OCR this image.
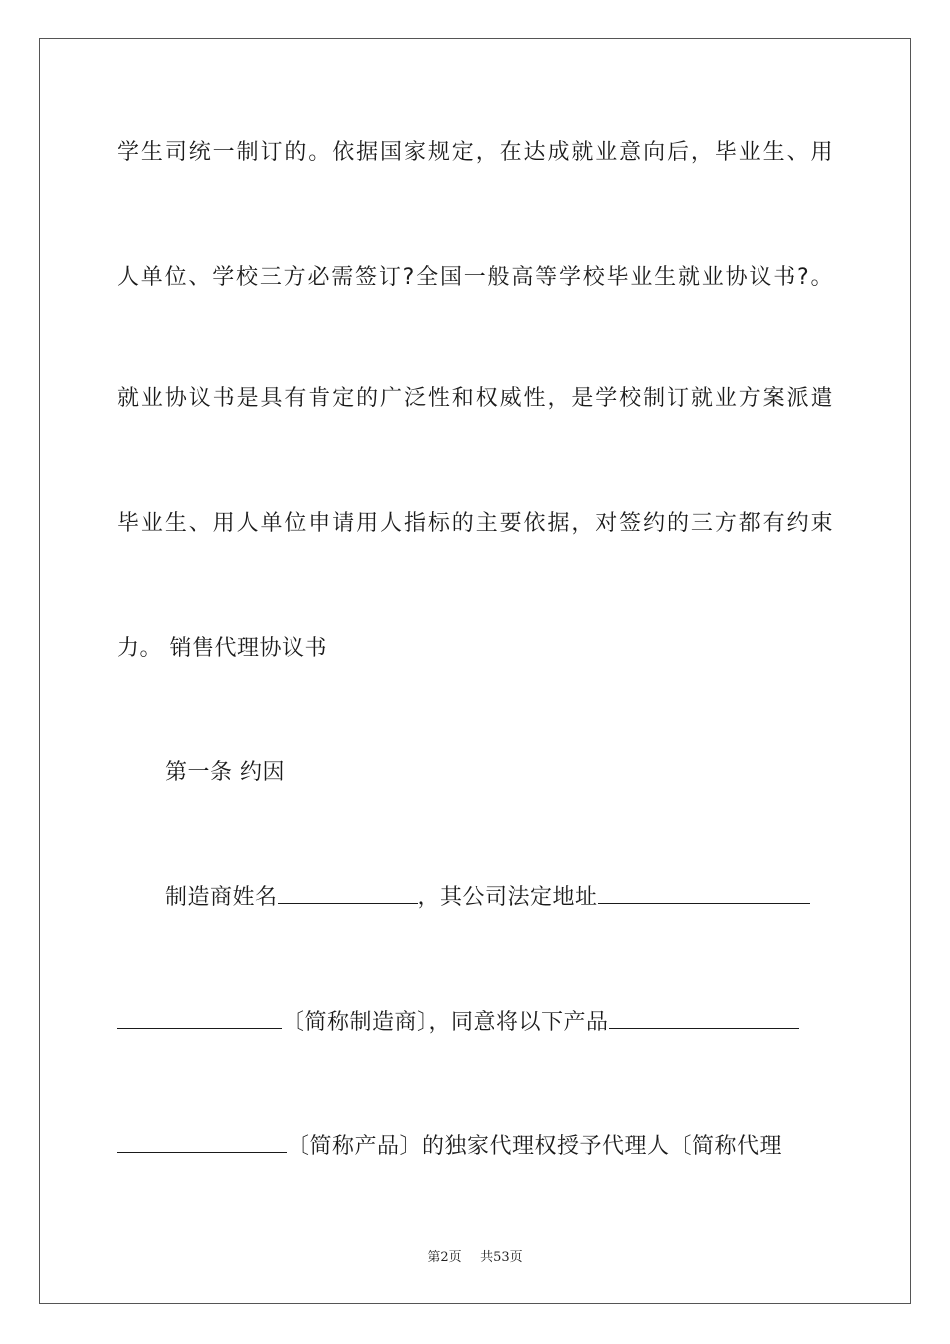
学生司统一制订的。依据国家规定，在达成就业意向后，毕业生、用
人单位、学校三方必需签订?全国一般高等学校毕业生就业协议书?。
就业协议书是具有肯定的广泛性和权威性，是学校制订就业方案派遣
毕业生、用人单位申请用人指标的主要依据，对签约的三方都有约束
力。 销售代理协议书
第一条 约因
制造商姓名	，其公司法定地址
〔简称制造商〕，同意将以下产品
〔简称产品〕的独家代理权授予代理人〔简称代理
第2页 共53页
